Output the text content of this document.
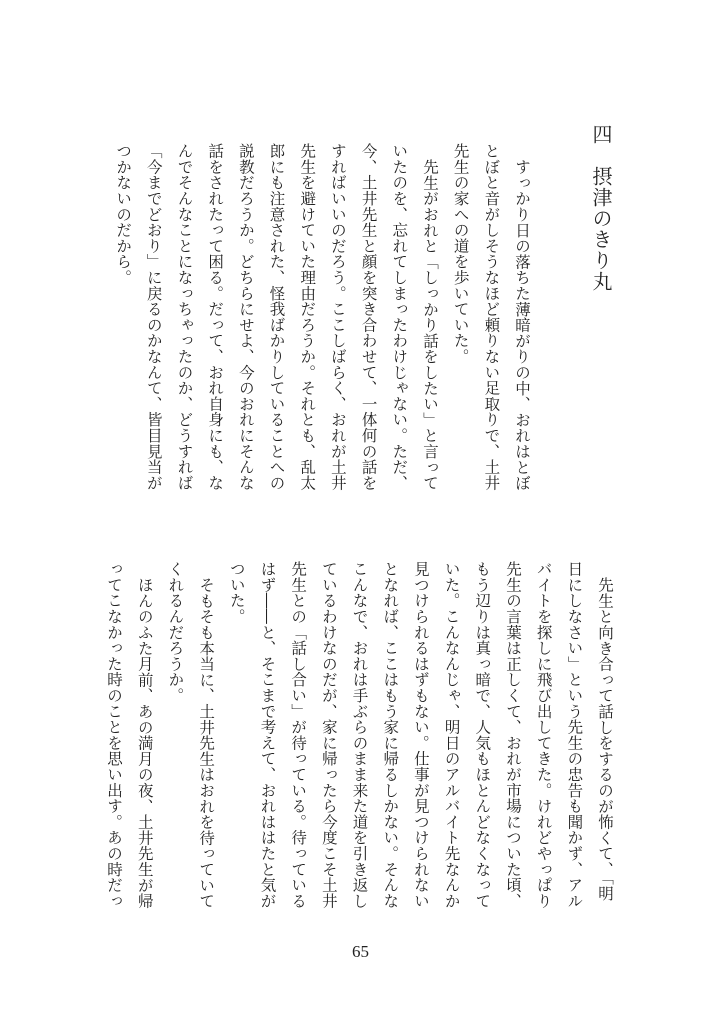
四　摂津のきり丸
すっかり日の落ちた薄暗がりの中、おれはとぼ
とぼと音がしそうなほど頼りない足取りで、土井
先生の家への道を歩いていた。
先生がおれと「しっかり話をしたい」と言って
いたのを、忘れてしまったわけじゃない。ただ、
今、土井先生と顔を突き合わせて、一体何の話を
すればいいのだろう。ここしばらく、おれが土井
先生を避けていた理由だろうか。それとも、乱太
郎にも注意された、怪我ばかりしていることへの
説教だろうか。どちらにせよ、今のおれにそんな
話をされたって困る。だって、おれ自身にも、な
んでそんなことになっちゃったのか、どうすれば
「今までどおり」に戻るのかなんて、皆目見当が
つかないのだから。
先生と向き合って話しをするのが怖くて、「明
日にしなさい」という先生の忠告も聞かず、アル
バイトを探しに飛び出してきた。けれどやっぱり
先生の言葉は正しくて、おれが市場についた頃、
もう辺りは真っ暗で、人気もほとんどなくなって
いた。こんなんじゃ、明日のアルバイト先なんか
見つけられるはずもない。仕事が見つけられない
となれば、ここはもう家に帰るしかない。そんな
こんなで、おれは手ぶらのまま来た道を引き返し
ているわけなのだが、家に帰ったら今度こそ土井
先生との「話し合い」が待っている。待っている
はず――と、そこまで考えて、おれははたと気が
ついた。
そもそも本当に、土井先生はおれを待っていて
くれるんだろうか。
ほんのふた月前、あの満月の夜、土井先生が帰
ってこなかった時のことを思い出す。あの時だっ
65
